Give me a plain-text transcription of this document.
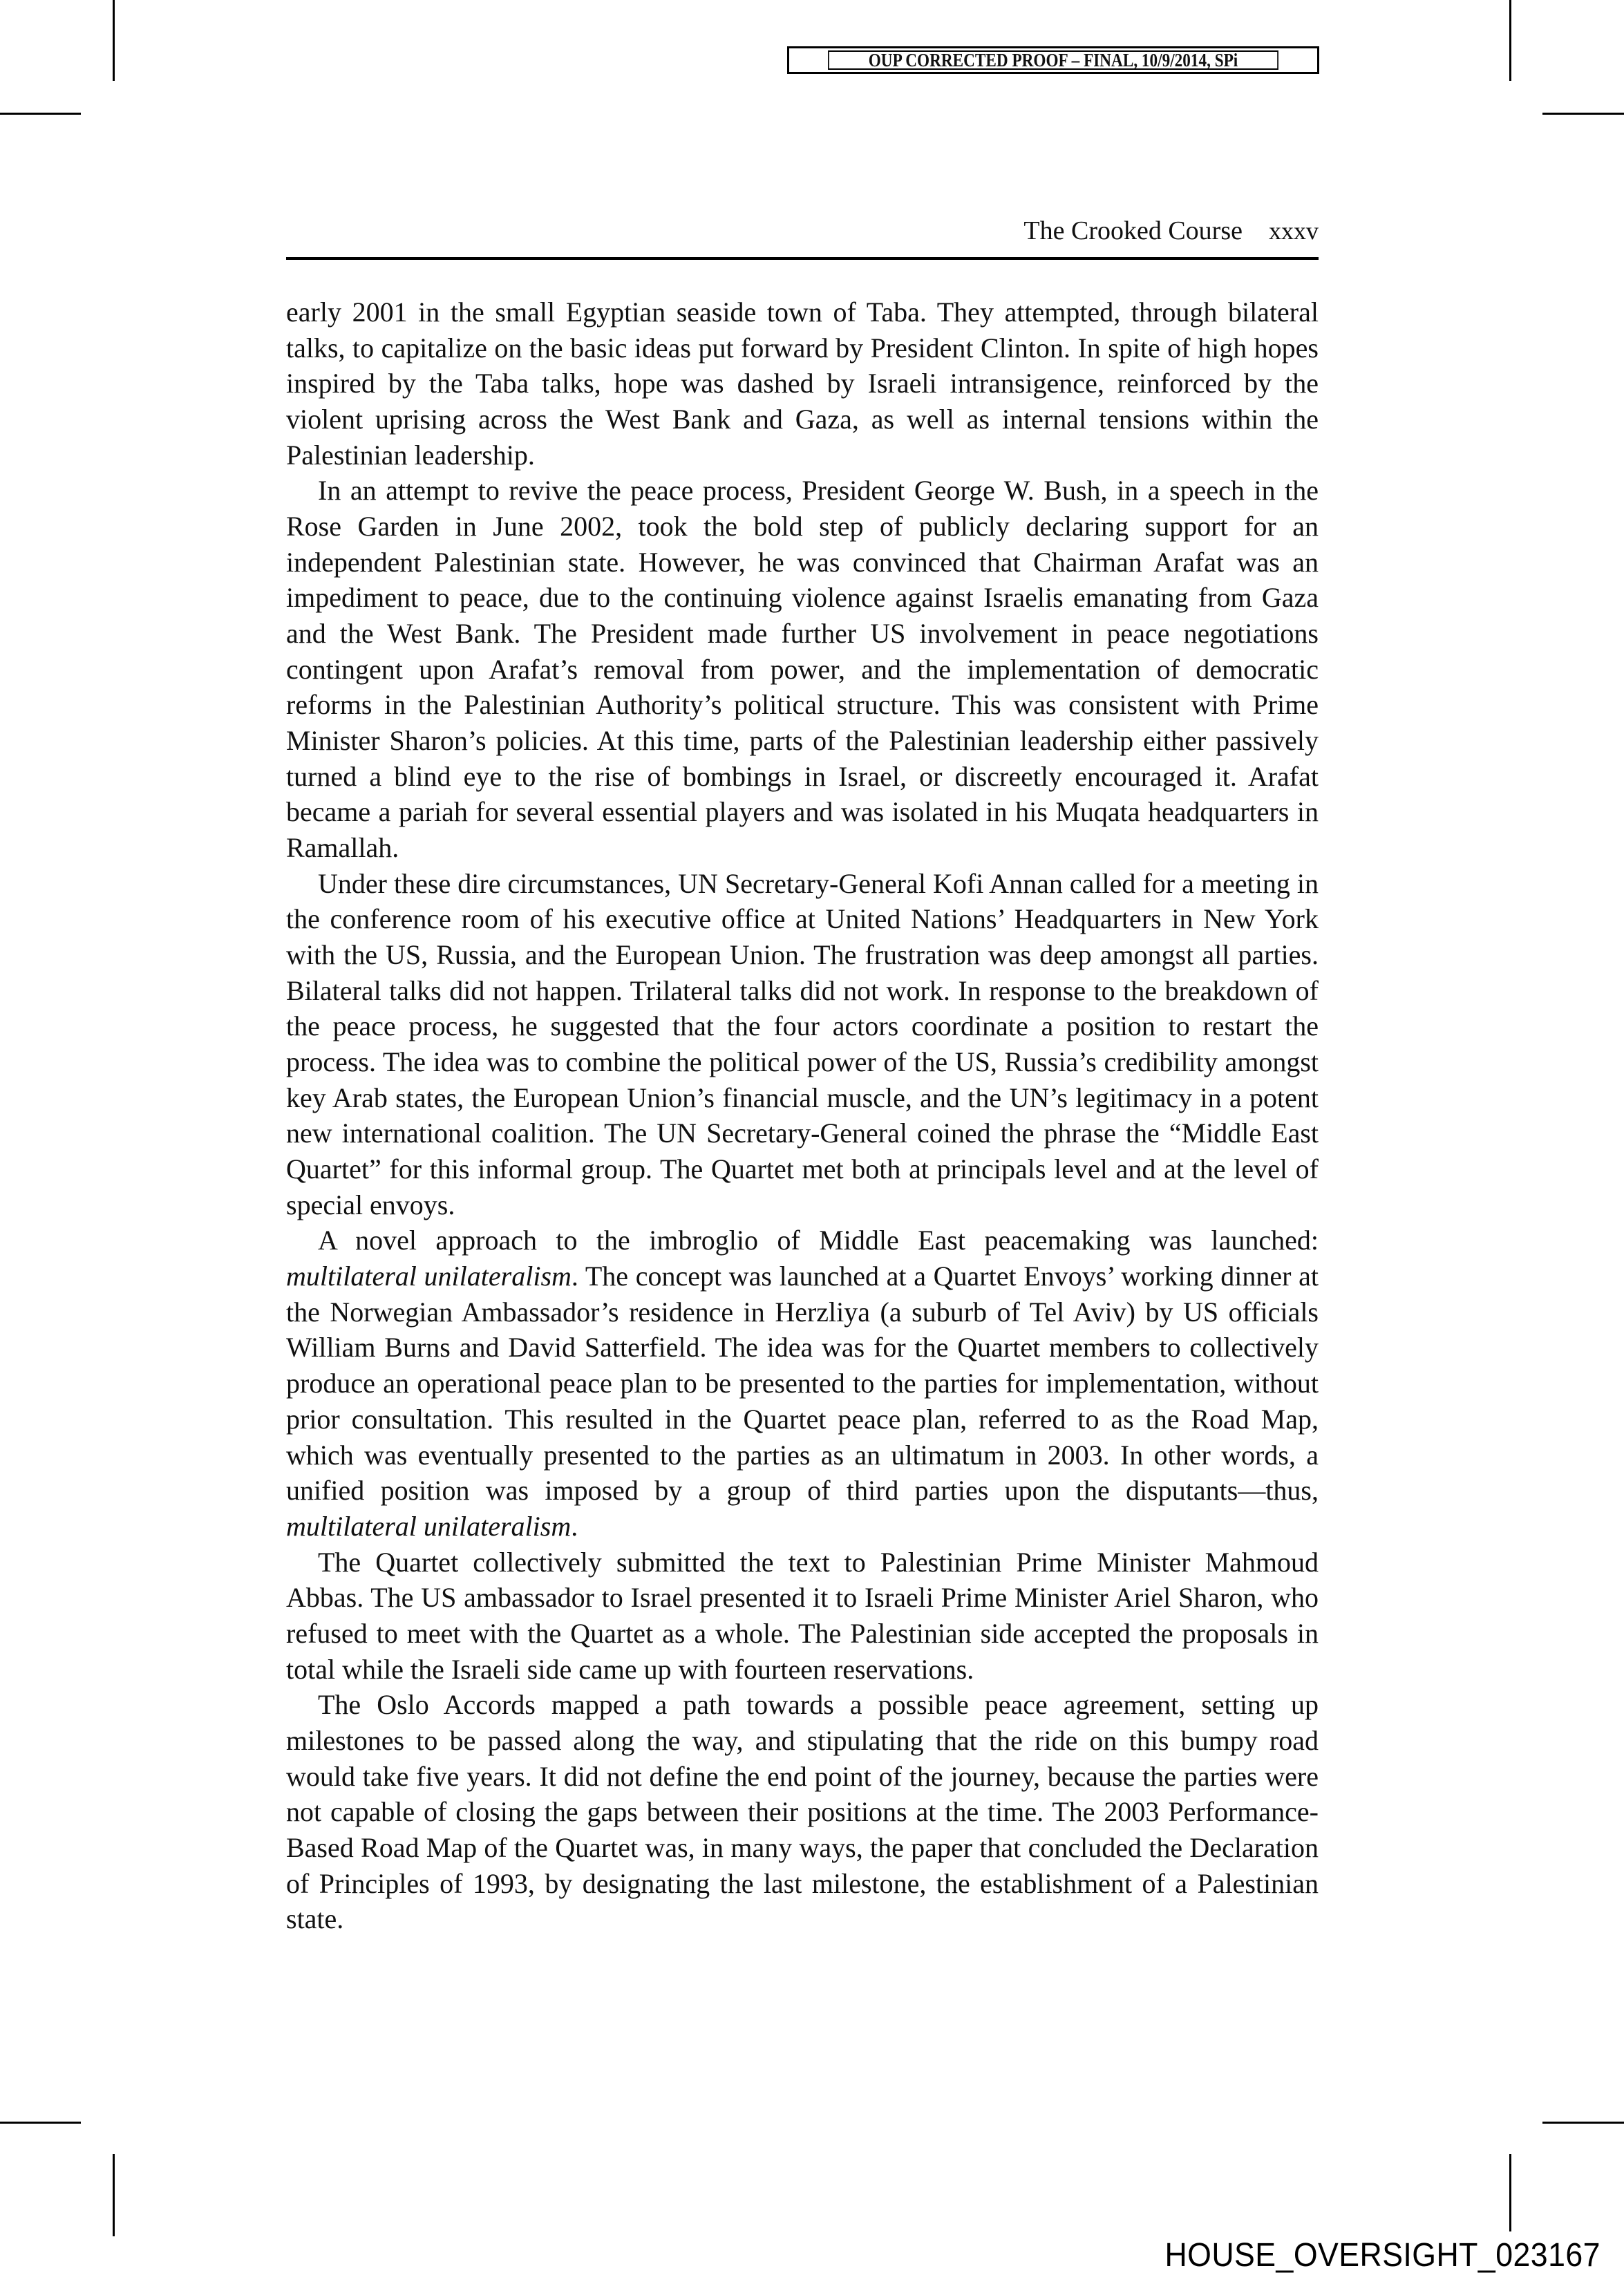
OUP CORRECTED PROOF – FINAL, 10/9/2014, SPi
The Crooked Course xxxv

early 2001 in the small Egyptian seaside town of Taba. They attempted, through bilateral talks, to capitalize on the basic ideas put forward by President Clinton. In spite of high hopes inspired by the Taba talks, hope was dashed by Israeli intransigence, reinforced by the violent uprising across the West Bank and Gaza, as well as internal tensions within the Palestinian leadership.

In an attempt to revive the peace process, President George W. Bush, in a speech in the Rose Garden in June 2002, took the bold step of publicly declaring support for an independent Palestinian state. However, he was convinced that Chairman Arafat was an impediment to peace, due to the continuing violence against Israelis emanating from Gaza and the West Bank. The President made further US involvement in peace negotiations contingent upon Arafat’s removal from power, and the implementation of democratic reforms in the Palestinian Authority’s political structure. This was consistent with Prime Minister Sharon’s policies. At this time, parts of the Palestinian leadership either passively turned a blind eye to the rise of bombings in Israel, or discreetly encouraged it. Arafat became a pariah for several essential players and was isolated in his Muqata headquarters in Ramallah.

Under these dire circumstances, UN Secretary-General Kofi Annan called for a meeting in the conference room of his executive office at United Nations’ Headquarters in New York with the US, Russia, and the European Union. The frustration was deep amongst all parties. Bilateral talks did not happen. Trilateral talks did not work. In response to the breakdown of the peace process, he suggested that the four actors coordinate a position to restart the process. The idea was to combine the political power of the US, Russia’s credibility amongst key Arab states, the European Union’s financial muscle, and the UN’s legitimacy in a potent new international coalition. The UN Secretary-General coined the phrase the “Middle East Quartet” for this informal group. The Quartet met both at principals level and at the level of special envoys.

A novel approach to the imbroglio of Middle East peacemaking was launched: multilateral unilateralism. The concept was launched at a Quartet Envoys’ working dinner at the Norwegian Ambassador’s residence in Herzliya (a suburb of Tel Aviv) by US officials William Burns and David Satterfield. The idea was for the Quartet members to collectively produce an operational peace plan to be presented to the parties for implementation, without prior consultation. This resulted in the Quartet peace plan, referred to as the Road Map, which was eventually presented to the parties as an ultimatum in 2003. In other words, a unified position was imposed by a group of third parties upon the disputants—thus, multilateral unilateralism.

The Quartet collectively submitted the text to Palestinian Prime Minister Mahmoud Abbas. The US ambassador to Israel presented it to Israeli Prime Minister Ariel Sharon, who refused to meet with the Quartet as a whole. The Palestinian side accepted the proposals in total while the Israeli side came up with fourteen reservations.

The Oslo Accords mapped a path towards a possible peace agreement, setting up milestones to be passed along the way, and stipulating that the ride on this bumpy road would take five years. It did not define the end point of the journey, because the parties were not capable of closing the gaps between their positions at the time. The 2003 Performance-Based Road Map of the Quartet was, in many ways, the paper that concluded the Declaration of Principles of 1993, by designating the last milestone, the establishment of a Palestinian state.

HOUSE_OVERSIGHT_023167
